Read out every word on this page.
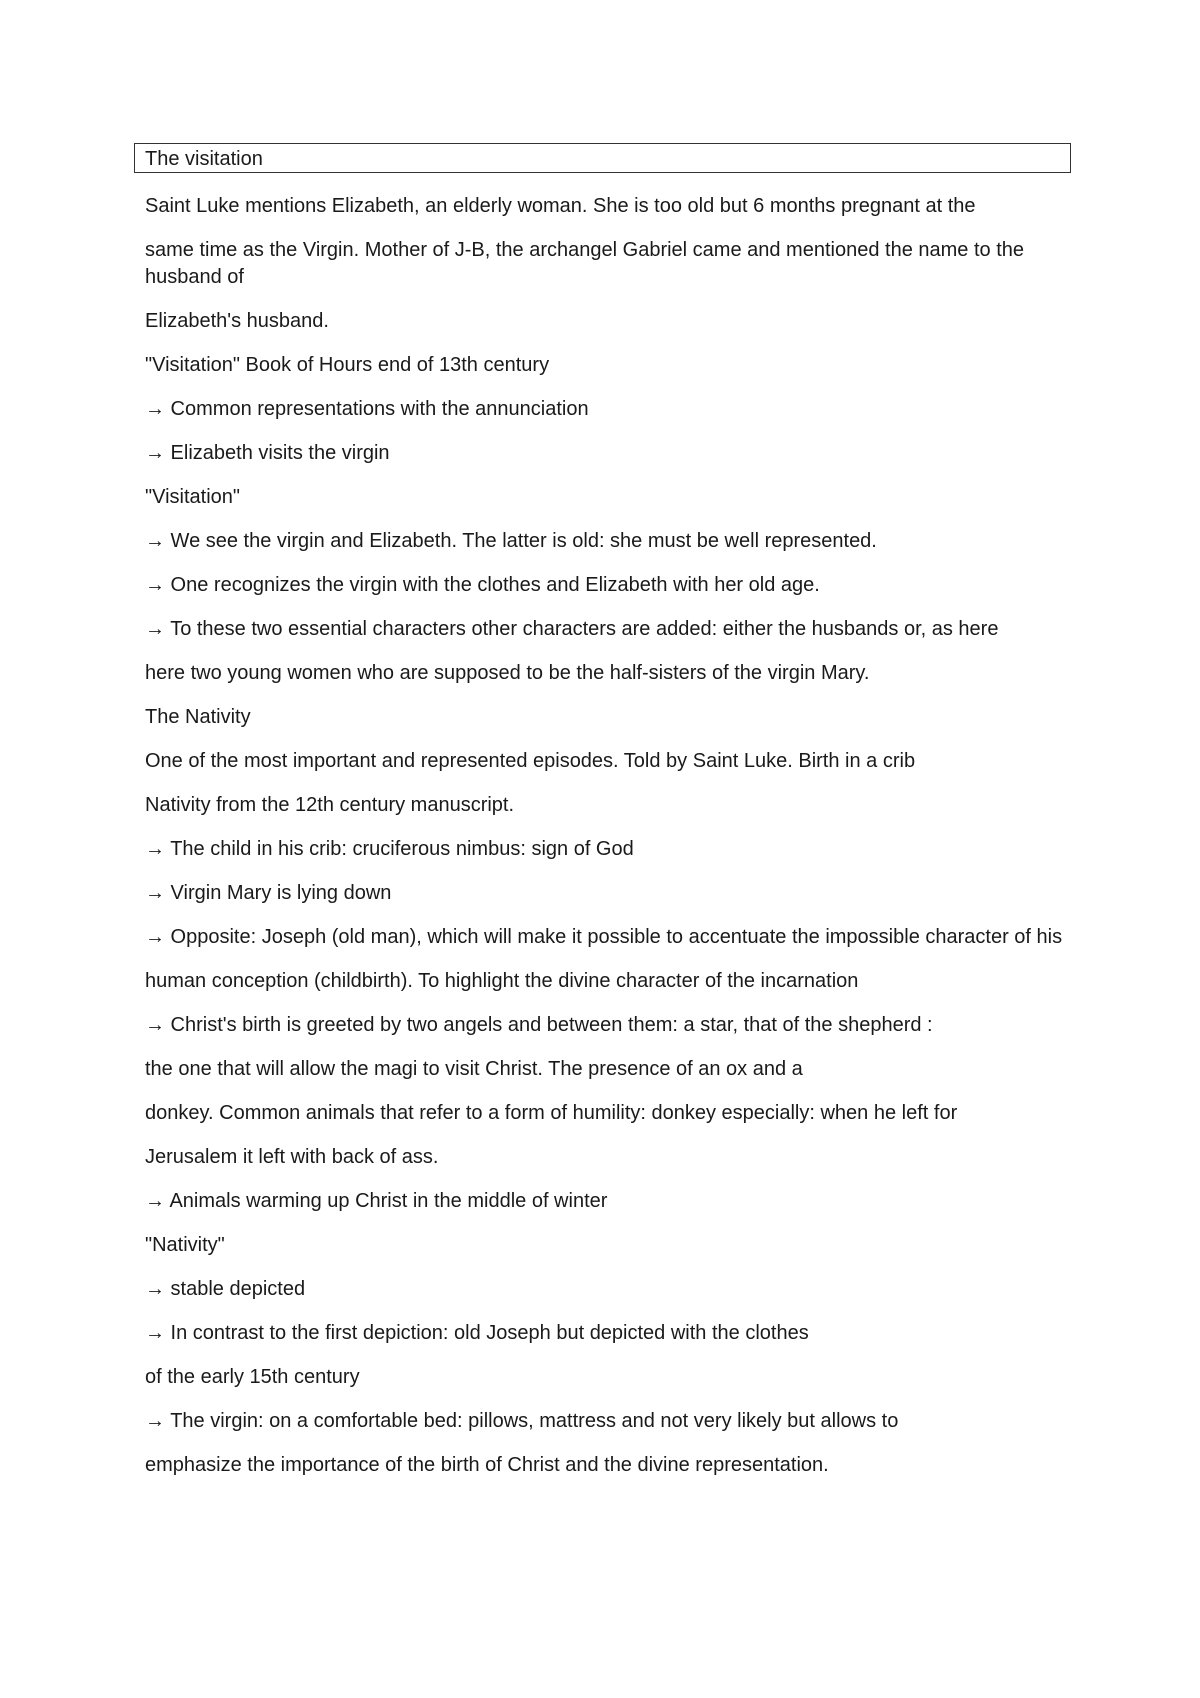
The visitation

Saint Luke mentions Elizabeth, an elderly woman. She is too old but 6 months pregnant at the

same time as the Virgin. Mother of J-B, the archangel Gabriel came and mentioned the name to the husband of

Elizabeth's husband.

"Visitation" Book of Hours end of 13th century

→ Common representations with the annunciation

→ Elizabeth visits the virgin

"Visitation"

→ We see the virgin and Elizabeth. The latter is old: she must be well represented.

→ One recognizes the virgin with the clothes and Elizabeth with her old age.

→ To these two essential characters other characters are added: either the husbands or, as here

here two young women who are supposed to be the half-sisters of the virgin Mary.

The Nativity

One of the most important and represented episodes. Told by Saint Luke. Birth in a crib

Nativity from the 12th century manuscript.

→ The child in his crib: cruciferous nimbus: sign of God

→ Virgin Mary is lying down

→ Opposite: Joseph (old man), which will make it possible to accentuate the impossible character of his

human conception (childbirth). To highlight the divine character of the incarnation

→ Christ's birth is greeted by two angels and between them: a star, that of the shepherd :

the one that will allow the magi to visit Christ. The presence of an ox and a

donkey. Common animals that refer to a form of humility: donkey especially: when he left for

Jerusalem it left with back of ass.

→ Animals warming up Christ in the middle of winter

"Nativity"

→ stable depicted

→ In contrast to the first depiction: old Joseph but depicted with the clothes

of the early 15th century

→ The virgin: on a comfortable bed: pillows, mattress and not very likely but allows to

emphasize the importance of the birth of Christ and the divine representation.
